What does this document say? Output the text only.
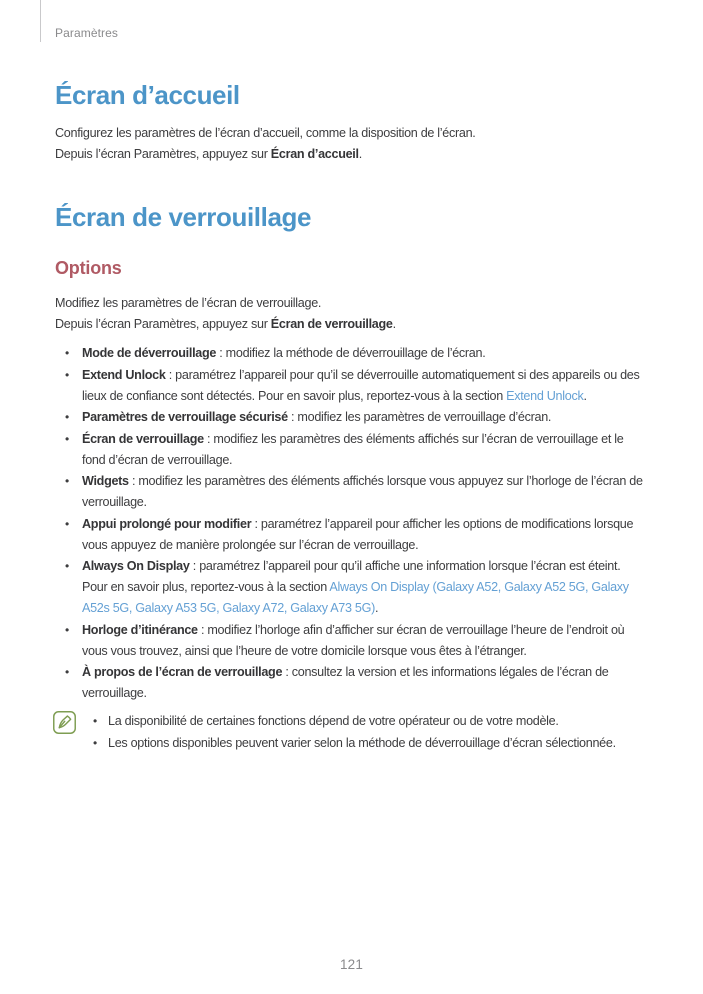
Paramètres
Écran d’accueil

Configurez les paramètres de l’écran d’accueil, comme la disposition de l’écran.

Depuis l’écran Paramètres, appuyez sur Écran d’accueil.

Écran de verrouillage
Options

Modifiez les paramètres de l’écran de verrouillage.

Depuis l’écran Paramètres, appuyez sur Écran de verrouillage.

• Mode de déverrouillage : modifiez la méthode de déverrouillage de l’écran.
• Extend Unlock : paramétrez l’appareil pour qu’il se déverrouille automatiquement si des appareils ou des lieux de confiance sont détectés. Pour en savoir plus, reportez-vous à la section Extend Unlock.
• Paramètres de verrouillage sécurisé : modifiez les paramètres de verrouillage d’écran.
• Écran de verrouillage : modifiez les paramètres des éléments affichés sur l’écran de verrouillage et le fond d’écran de verrouillage.
• Widgets : modifiez les paramètres des éléments affichés lorsque vous appuyez sur l’horloge de l’écran de verrouillage.
• Appui prolongé pour modifier : paramétrez l’appareil pour afficher les options de modifications lorsque vous appuyez de manière prolongée sur l’écran de verrouillage.
• Always On Display : paramétrez l’appareil pour qu’il affiche une information lorsque l’écran est éteint. Pour en savoir plus, reportez-vous à la section Always On Display (Galaxy A52, Galaxy A52 5G, Galaxy A52s 5G, Galaxy A53 5G, Galaxy A72, Galaxy A73 5G).
• Horloge d’itinérance : modifiez l’horloge afin d’afficher sur écran de verrouillage l’heure de l’endroit où vous vous trouvez, ainsi que l’heure de votre domicile lorsque vous êtes à l’étranger.
• À propos de l’écran de verrouillage : consultez la version et les informations légales de l’écran de verrouillage.
• La disponibilité de certaines fonctions dépend de votre opérateur ou de votre modèle.
• Les options disponibles peuvent varier selon la méthode de déverrouillage d’écran sélectionnée.
121
